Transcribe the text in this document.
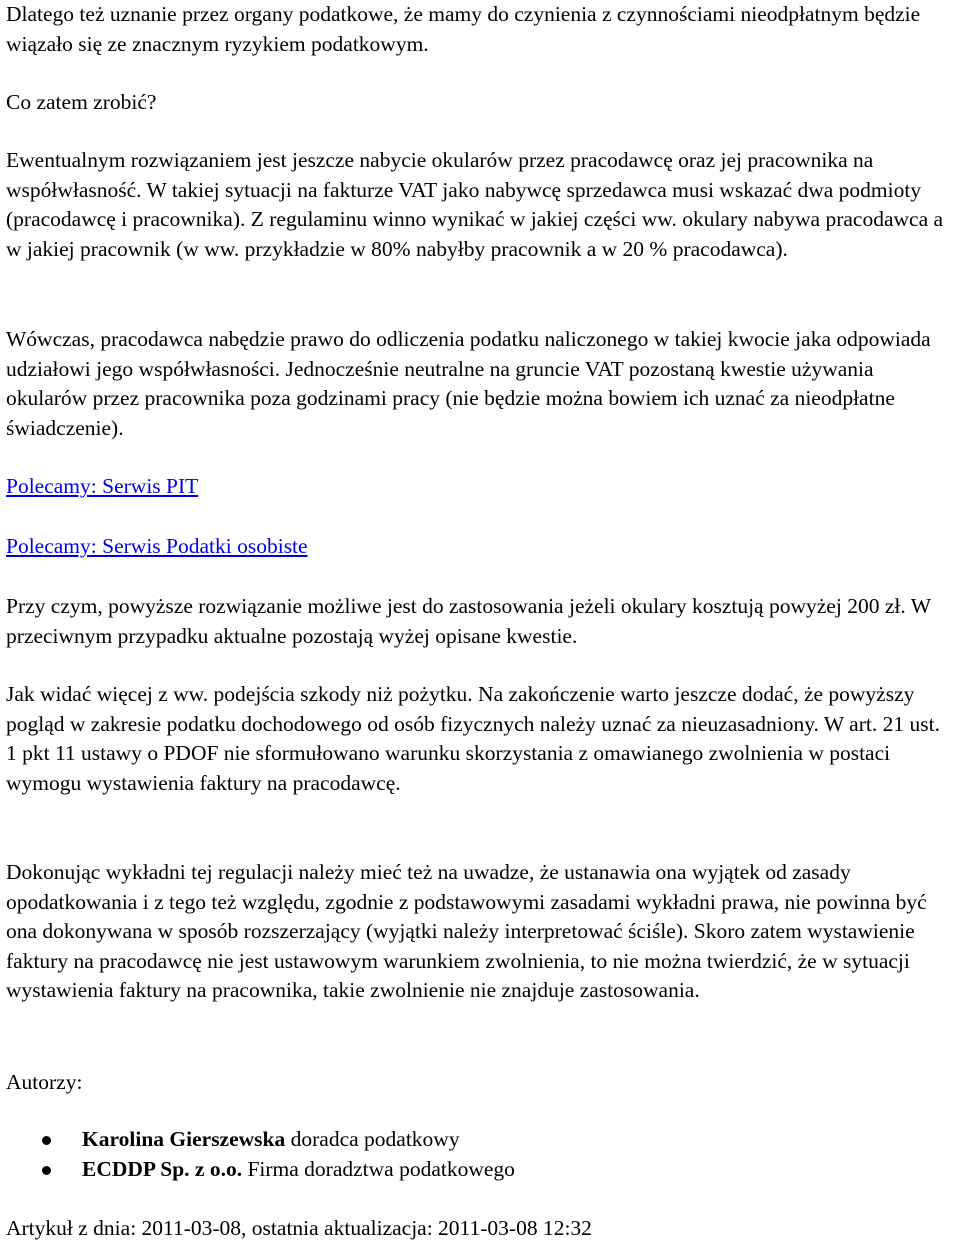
Dlatego też uznanie przez organy podatkowe, że mamy do czynienia z czynnościami nieodpłatnym będzie wiązało się ze znacznym ryzykiem podatkowym.

Co zatem zrobić?

Ewentualnym rozwiązaniem jest jeszcze nabycie okularów przez pracodawcę oraz jej pracownika na współwłasność. W takiej sytuacji na fakturze VAT jako nabywcę sprzedawca musi wskazać dwa podmioty (pracodawcę i pracownika). Z regulaminu winno wynikać w jakiej części ww. okulary nabywa pracodawca a w jakiej pracownik (w ww. przykładzie w 80% nabyłby pracownik a w 20 % pracodawca).

Wówczas, pracodawca nabędzie prawo do odliczenia podatku naliczonego w takiej kwocie jaka odpowiada udziałowi jego współwłasności. Jednocześnie neutralne na gruncie VAT pozostaną kwestie używania okularów przez pracownika poza godzinami pracy (nie będzie można bowiem ich uznać za nieodpłatne świadczenie).

Polecamy: Serwis PIT

Polecamy: Serwis Podatki osobiste

Przy czym, powyższe rozwiązanie możliwe jest do zastosowania jeżeli okulary kosztują powyżej 200 zł. W przeciwnym przypadku aktualne pozostają wyżej opisane kwestie.

Jak widać więcej z ww. podejścia szkody niż pożytku. Na zakończenie warto jeszcze dodać, że powyższy pogląd w zakresie podatku dochodowego od osób fizycznych należy uznać za nieuzasadniony. W art. 21 ust. 1 pkt 11 ustawy o PDOF nie sformułowano warunku skorzystania z omawianego zwolnienia w postaci wymogu wystawienia faktury na pracodawcę.

Dokonując wykładni tej regulacji należy mieć też na uwadze, że ustanawia ona wyjątek od zasady opodatkowania i z tego też względu, zgodnie z podstawowymi zasadami wykładni prawa, nie powinna być ona dokonywana w sposób rozszerzający (wyjątki należy interpretować ściśle). Skoro zatem wystawienie faktury na pracodawcę nie jest ustawowym warunkiem zwolnienia, to nie można twierdzić, że w sytuacji wystawienia faktury na pracownika, takie zwolnienie nie znajduje zastosowania.

Autorzy:

Karolina Gierszewska doradca podatkowy
ECDDP Sp. z o.o. Firma doradztwa podatkowego

Artykuł z dnia: 2011-03-08, ostatnia aktualizacja: 2011-03-08 12:32
